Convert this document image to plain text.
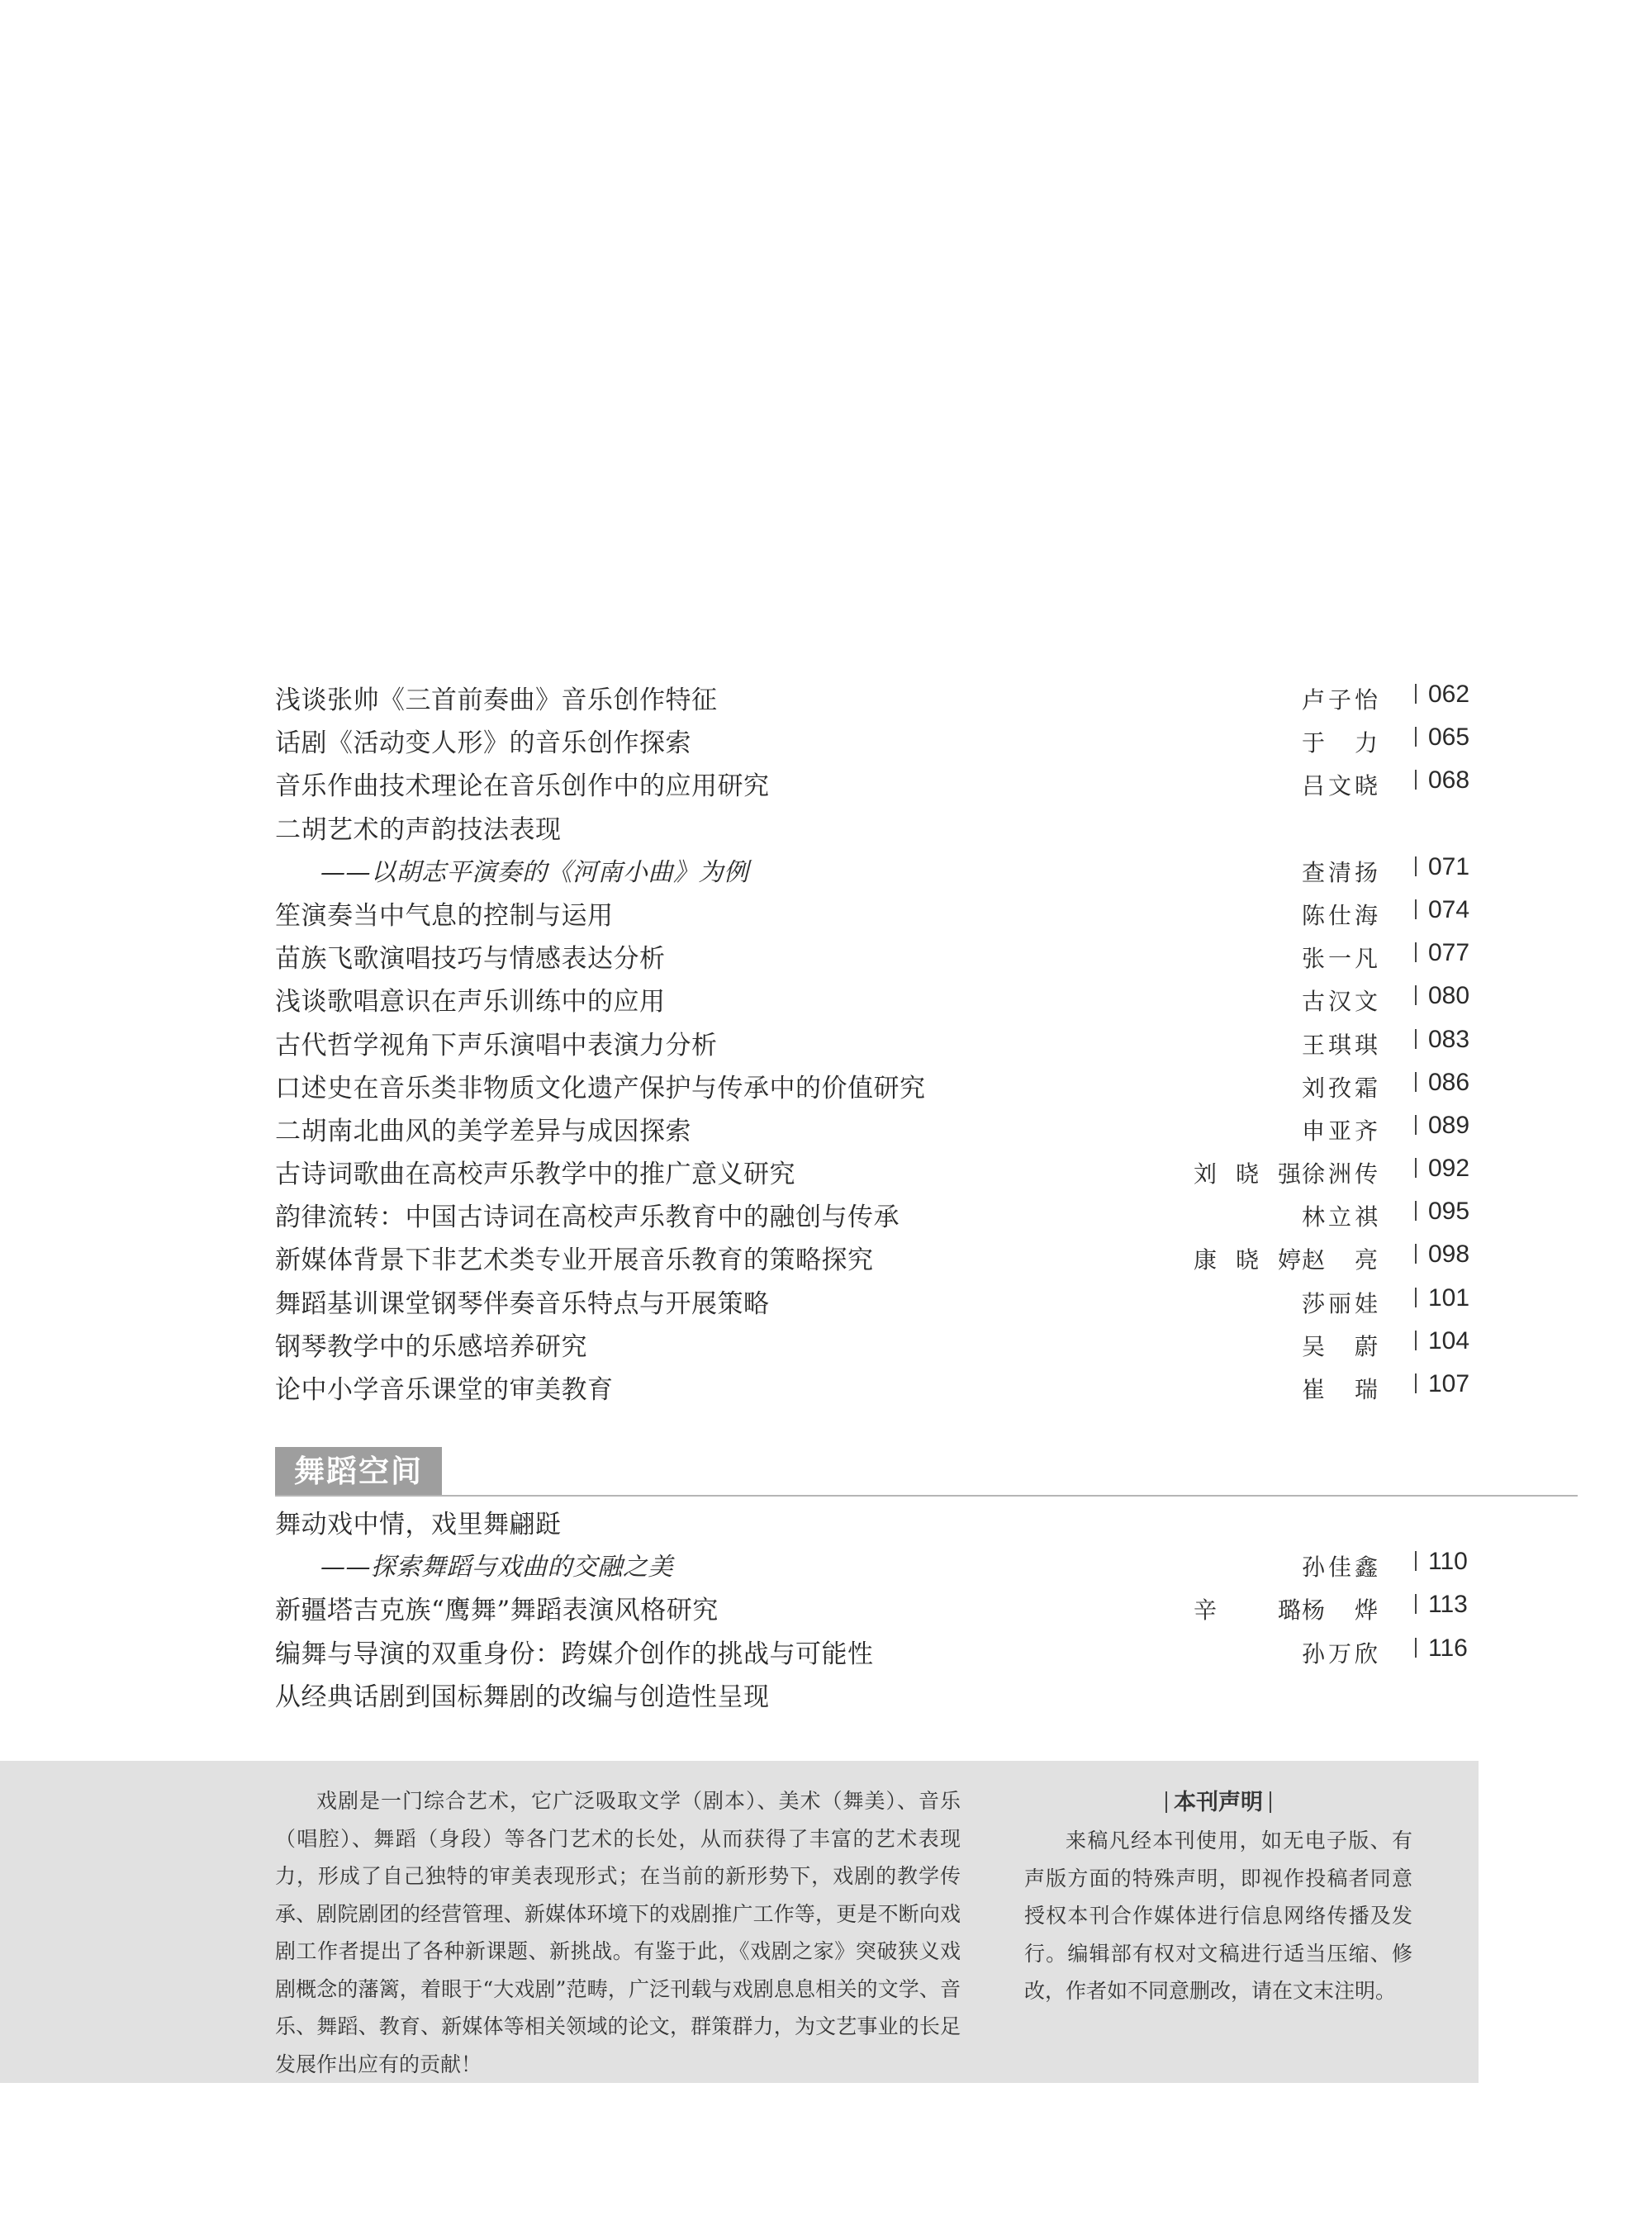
浅谈张帅《三首前奏曲》音乐创作特征	卢子怡	062
话剧《活动变人形》的音乐创作探索	于 力	065
音乐作曲技术理论在音乐创作中的应用研究	吕文晓	068
二胡艺术的声韵技法表现
——以胡志平演奏的《河南小曲》为例	查清扬	071
笙演奏当中气息的控制与运用	陈仕海	074
苗族飞歌演唱技巧与情感表达分析	张一凡	077
浅谈歌唱意识在声乐训练中的应用	古汉文	080
古代哲学视角下声乐演唱中表演力分析	王琪琪	083
口述史在音乐类非物质文化遗产保护与传承中的价值研究	刘孜霜	086
二胡南北曲风的美学差异与成因探索	申亚齐	089
古诗词歌曲在高校声乐教学中的推广意义研究	刘晓强 徐洲传	092
韵律流转：中国古诗词在高校声乐教育中的融创与传承	林立祺	095
新媒体背景下非艺术类专业开展音乐教育的策略探究	康晓婷 赵 亮	098
舞蹈基训课堂钢琴伴奏音乐特点与开展策略	莎丽娃	101
钢琴教学中的乐感培养研究	吴 蔚	104
论中小学音乐课堂的审美教育	崔 瑞	107
舞蹈空间
舞动戏中情，戏里舞翩跹
——探索舞蹈与戏曲的交融之美	孙佳鑫	110
新疆塔吉克族“鹰舞”舞蹈表演风格研究	辛 璐 杨 烨	113
编舞与导演的双重身份：跨媒介创作的挑战与可能性	孙万欣	116
从经典话剧到国标舞剧的改编与创造性呈现

戏剧是一门综合艺术，它广泛吸取文学（剧本）、美术（舞美）、音乐（唱腔）、舞蹈（身段）等各门艺术的长处，从而获得了丰富的艺术表现力，形成了自己独特的审美表现形式；在当前的新形势下，戏剧的教学传承、剧院剧团的经营管理、新媒体环境下的戏剧推广工作等，更是不断向戏剧工作者提出了各种新课题、新挑战。有鉴于此，《戏剧之家》突破狭义戏剧概念的藩篱，着眼于“大戏剧”范畴，广泛刊载与戏剧息息相关的文学、音乐、舞蹈、教育、新媒体等相关领域的论文，群策群力，为文艺事业的长足发展作出应有的贡献！

本刊声明

来稿凡经本刊使用，如无电子版、有声版方面的特殊声明，即视作投稿者同意授权本刊合作媒体进行信息网络传播及发行。编辑部有权对文稿进行适当压缩、修改，作者如不同意删改，请在文末注明。
